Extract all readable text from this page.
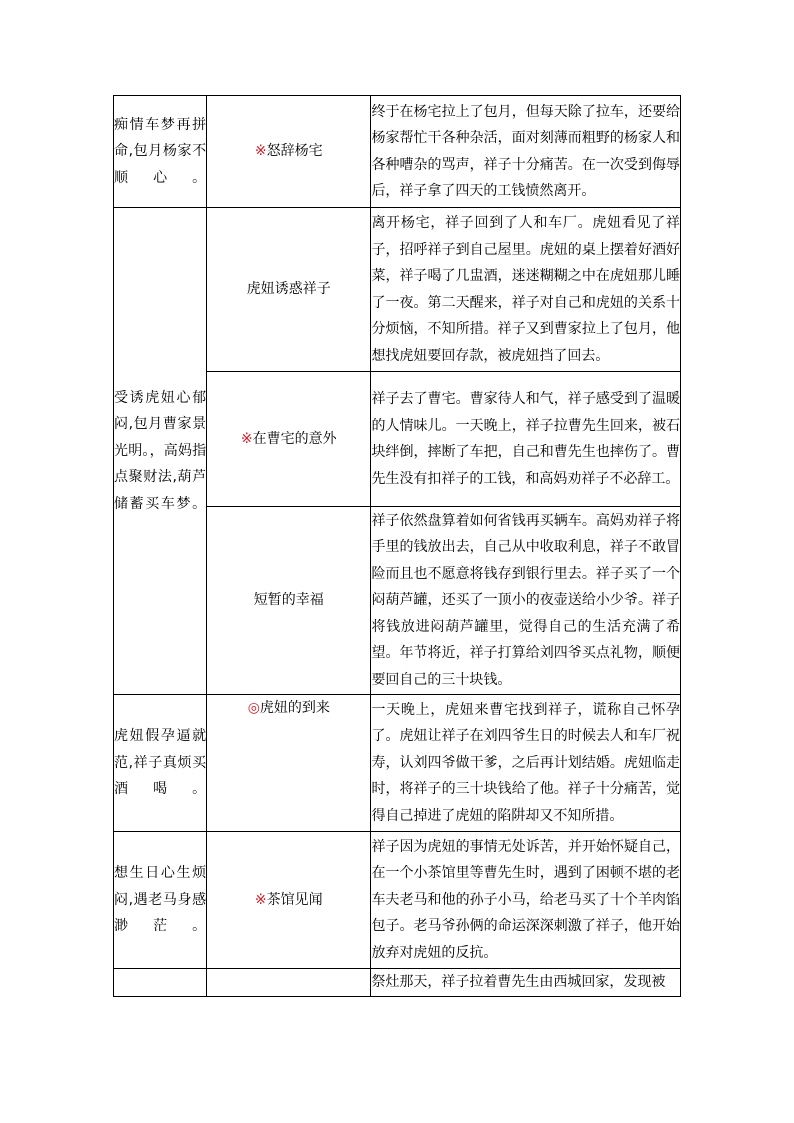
痴情车梦再拼命,包月杨家不顺心。	※怒辞杨宅	终于在杨宅拉上了包月，但每天除了拉车，还要给杨家帮忙干各种杂活，面对刻薄而粗野的杨家人和各种嘈杂的骂声，祥子十分痛苦。在一次受到侮辱后，祥子拿了四天的工钱愤然离开。

受诱虎妞心郁闷,包月曹家景光明。，高妈指点聚财法,葫芦储蓄买车梦。	虎妞诱惑祥子	离开杨宅，祥子回到了人和车厂。虎妞看见了祥子，招呼祥子到自己屋里。虎妞的桌上摆着好酒好菜，祥子喝了几盅酒，迷迷糊糊之中在虎妞那儿睡了一夜。第二天醒来，祥子对自己和虎妞的关系十分烦恼，不知所措。祥子又到曹家拉上了包月，他想找虎妞要回存款，被虎妞挡了回去。
	※在曹宅的意外	祥子去了曹宅。曹家待人和气，祥子感受到了温暖的人情味儿。一天晚上，祥子拉曹先生回来，被石块绊倒，摔断了车把，自己和曹先生也摔伤了。曹先生没有扣祥子的工钱，和高妈劝祥子不必辞工。
	短暂的幸福	祥子依然盘算着如何省钱再买辆车。高妈劝祥子将手里的钱放出去，自己从中收取利息，祥子不敢冒险而且也不愿意将钱存到银行里去。祥子买了一个闷葫芦罐，还买了一顶小的夜壶送给小少爷。祥子将钱放进闷葫芦罐里，觉得自己的生活充满了希望。年节将近，祥子打算给刘四爷买点礼物，顺便要回自己的三十块钱。

虎妞假孕逼就范,祥子真烦买酒喝。	◎虎妞的到来	一天晚上，虎妞来曹宅找到祥子，谎称自己怀孕了。虎妞让祥子在刘四爷生日的时候去人和车厂祝寿，认刘四爷做干爹，之后再计划结婚。虎妞临走时，将祥子的三十块钱给了他。祥子十分痛苦，觉得自己掉进了虎妞的陷阱却又不知所措。

想生日心生烦闷,遇老马身感渺茫。	※茶馆见闻	祥子因为虎妞的事情无处诉苦，并开始怀疑自己，在一个小茶馆里等曹先生时，遇到了困顿不堪的老车夫老马和他的孙子小马，给老马买了十个羊肉馅包子。老马爷孙俩的命运深深刺激了祥子，他开始放弃对虎妞的反抗。

		祭灶那天，祥子拉着曹先生由西城回家，发现被
